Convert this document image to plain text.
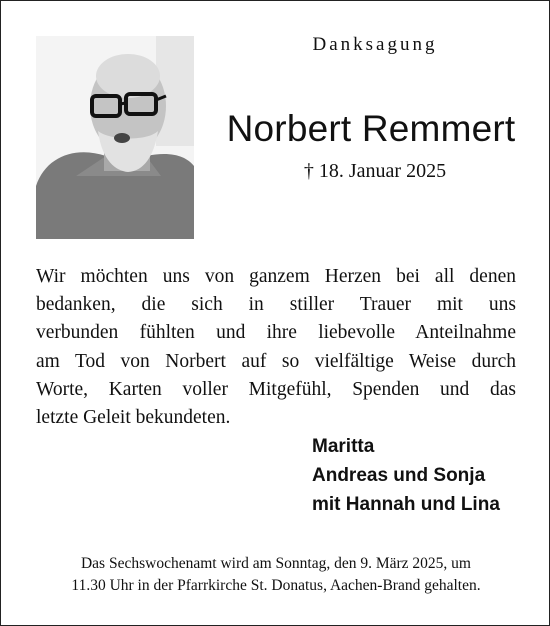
Danksagung
Norbert Remmert
† 18. Januar 2025
Wir möchten uns von ganzem Herzen bei all denen
bedanken, die sich in stiller Trauer mit uns
verbunden fühlten und ihre liebevolle Anteilnahme
am Tod von Norbert auf so vielfältige Weise durch
Worte, Karten voller Mitgefühl, Spenden und das
letzte Geleit bekundeten.
Maritta
Andreas und Sonja
mit Hannah und Lina
Das Sechswochenamt wird am Sonntag, den 9. März 2025, um
11.30 Uhr in der Pfarrkirche St. Donatus, Aachen-Brand gehalten.
